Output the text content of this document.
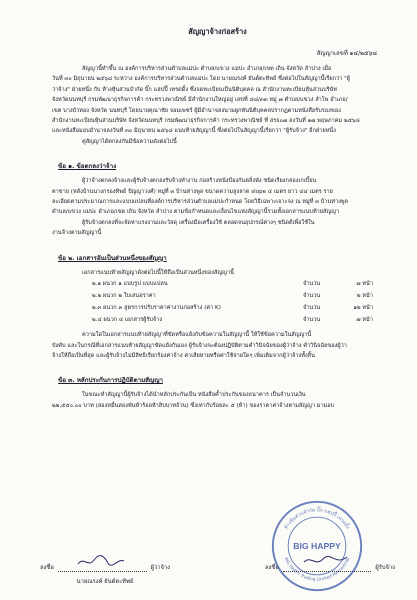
สัญญาจ้างก่อสร้าง
สัญญาเลขที่ ๑๔/๒๕๖๘

สัญญานี้ทำขึ้น ณ องค์การบริหารส่วนตำบลแม่ปะ ตำบล/แขวง แม่ปะ อำเภอ/เขต เถิน จังหวัด ลำปาง เมื่อ

วันที่ ๓๐ มิถุนายน ๒๕๖๘ ระหว่าง องค์การบริหารส่วนตำบลแม่ปะ โดย นายณรงค์ ยันต์ตะทิพย์ ซึ่งต่อไปในสัญญานี้เรียกว่า "ผู้

ว่าจ้าง" ฝ่ายหนึ่ง กับ ห้างหุ้นส่วนจำกัด บิ๊ก แฮปปี้ เทรดดิ้ง ซึ่งจดทะเบียนเป็นนิติบุคคล ณ สำนักงานทะเบียนหุ้นส่วนบริษัท

จังหวัดนนทบุรี กรมพัฒนาธุรกิจการค้า กระทรวงพาณิชย์ มีสำนักงานใหญ่อยู่ เลขที่ ๘๘/๓๓ หมู่ ๗ ตำบล/แขวง ลำโพ อำเภอ/

เขต บางบัวทอง จังหวัด นนทบุรี โดยนายคุณาชัย จอมเพชร์ ผู้มีอำนาจลงนามผูกพันนิติบุคคลปรากฏตามหนังสือรับรองของ

สำนักงานทะเบียนหุ้นส่วนบริษัท จังหวัดนนทบุรี กรมพัฒนาธุรกิจการค้า กระทรวงพาณิชย์ ที่ สรธ๐๗ ลงวันที่ ๑๗ พฤษภาคม ๒๕๖๘

และหนังสือมอบอำนาจลงวันที่ ๓๐ มิถุนายน ๒๕๖๘ แนบท้ายสัญญานี้ ซึ่งต่อไปในสัญญานี้เรียกว่า "ผู้รับจ้าง" อีกฝ่ายหนึ่ง

คู่สัญญาได้ตกลงกันมีข้อความดังต่อไปนี้

ข้อ ๑. ข้อตกลงว่าจ้าง

ผู้ว่าจ้างตกลงจ้างและผู้รับจ้างตกลงรับจ้างทำงาน ก่อสร้างหนังป้องกันตลิ่งพัง ชนิดเรียงกล่องเกเบี้ยน

ตาข่าย (หลังบ้านนางกรองทิพย์ ปัญญาวงศ์) หมู่ที่ ๓ บ้านห่างพูล ขนาดความสูงลาด slope ๔ เมตร ยาว ๔๔ เมตร ราย

ละเอียดตามประมาณการและแบบแปลนที่องค์การบริหารส่วนตำบลแม่ปะกำหนด โดยวิธีเฉพาะเจาะจง ณ หมู่ที่ ๓ บ้านห่างพูล

ตำบล/แขวง แม่ปะ อำเภอ/เขต เถิน จังหวัด ลำปาง ตามข้อกำหนดและเงื่อนไขแห่งสัญญานี้รวมทั้งเอกสารแนบท้ายสัญญา

ผู้รับจ้างตกลงที่จะจัดหาแรงงานและวัสดุ เครื่องมือเครื่องใช้ ตลอดจนอุปกรณ์ต่างๆ ชนิดดีเพื่อใช้ใน

งานจ้างตามสัญญานี้

ข้อ ๒. เอกสารอันเป็นส่วนหนึ่งของสัญญา

เอกสารแนบท้ายสัญญาดังต่อไปนี้ให้ถือเป็นส่วนหนึ่งของสัญญานี้

๒.๑ ผนวก ๑ แบบรูป แบบแปลน	จำนวน	๗ หน้า
๒.๒ ผนวก ๒ ใบเสนอราคา	จำนวน	๒ หน้า
๒.๓ ผนวก ๓ สูตรการปรับราคาค่างานก่อสร้าง (ค่า K)	จำนวน	๑๒ หน้า
๒.๔ ผนวก ๔ เอกสารผู้รับจ้าง	จำนวน	๗ หน้า

ความใดในเอกสารแนบท้ายสัญญาที่ขัดหรือแย้งกับข้อความในสัญญานี้ ให้ใช้ข้อความในสัญญานี้

บังคับ และในกรณีที่เอกสารแนบท้ายสัญญาขัดแย้งกันเอง ผู้รับจ้างจะต้องปฏิบัติตามคำวินิจฉัยของผู้ว่าจ้าง คำวินิจฉัยของผู้ว่า

จ้างให้ถือเป็นที่สุด และผู้รับจ้างไม่มีสิทธิเรียกร้องค่าจ้าง ค่าเสียหายหรือค่าใช้จ่ายใดๆ เพิ่มเติมจากผู้ว่าจ้างทั้งสิ้น

ข้อ ๓. หลักประกันการปฏิบัติตามสัญญา

ในขณะทำสัญญานี้ผู้รับจ้างได้นำหลักประกันเป็น หนังสือค้ำประกันของธนาคาร เป็นจำนวนเงิน

๒๒,๕๕๐.๐๐ บาท (สองหมื่นสองพันห้าร้อยห้าสิบบาทถ้วน) ซึ่งเท่ากับร้อยละ ๕ (ห้า) ของราคาค่าจ้างตามสัญญา มามอบ

ลงชื่อ	ผู้ว่าจ้าง
นายณรงค์ ยันต์ตะทิพย์
ลงชื่อ	ผู้รับจ้าง
BIG HAPPY
ห้างหุ้นส่วนจำกัด บิ๊ก แฮปปี้ เทรดดิ้ง
BIG HAPPY Trading Limited Partnership
